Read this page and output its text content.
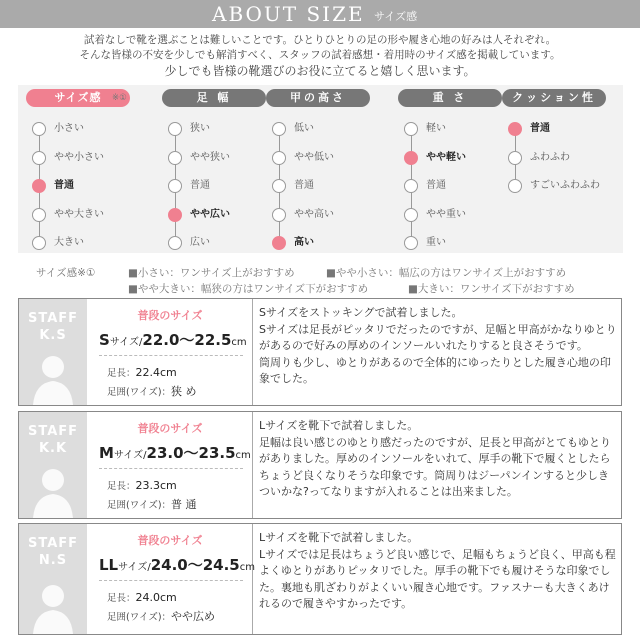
ABOUT SIZE サイズ感
試着なしで靴を選ぶことは難しいことです。ひとりひとりの足の形や履き心地の好みは人それぞれ。
そんな皆様の不安を少しでも解消すべく、スタッフの試着感想・着用時のサイズ感を掲載しています。
少しでも皆様の靴選びのお役に立てると嬉しく思います。
サイズ感	※①
小さい
やや小さい
普通
やや大きい
大きい
足 幅
狭い
やや狭い
普通
やや広い
広い
甲の高さ
低い
やや低い
普通
やや高い
高い
重 さ
軽い
やや軽い
普通
やや重い
重い
クッション性
普通
ふわふわ
すごいふわふわ
サイズ感※①	■小さい：ワンサイズ上がおすすめ	■やや小さい：幅広の方はワンサイズ上がおすすめ
■やや大きい：幅狭の方はワンサイズ下がおすすめ	■大きい：ワンサイズ下がおすすめ
STAFF
K.S
普段のサイズ
Sサイズ/22.0〜22.5cm
足長：22.4cm
足囲(ワイズ)：狭 め
Sサイズをストッキングで試着しました。
Sサイズは足長がピッタリでだったのですが、足幅と甲高がかなりゆとりがあるので好みの厚めのインソールいれたりすると良さそうです。
筒周りも少し、ゆとりがあるので全体的にゆったりとした履き心地の印象でした。
STAFF
K.K
普段のサイズ
Mサイズ/23.0〜23.5cm
足長：23.3cm
足囲(ワイズ)：普 通
Lサイズを靴下で試着しました。
足幅は良い感じのゆとり感だったのですが、足長と甲高がとてもゆとりがありました。厚めのインソールをいれて、厚手の靴下で履くとしたらちょうど良くなりそうな印象です。筒周りはジーパンインすると少しきついかな?ってなりますが入れることは出来ました。
STAFF
N.S
普段のサイズ
LLサイズ/24.0〜24.5cm
足長：24.0cm
足囲(ワイズ)：やや広め
Lサイズを靴下で試着しました。
Lサイズでは足長はちょうど良い感じで、足幅もちょうど良く、甲高も程よくゆとりがありピッタリでした。厚手の靴下でも履けそうな印象でした。裏地も肌ざわりがよくいい履き心地です。ファスナーも大きくあけれるので履きやすかったです。
